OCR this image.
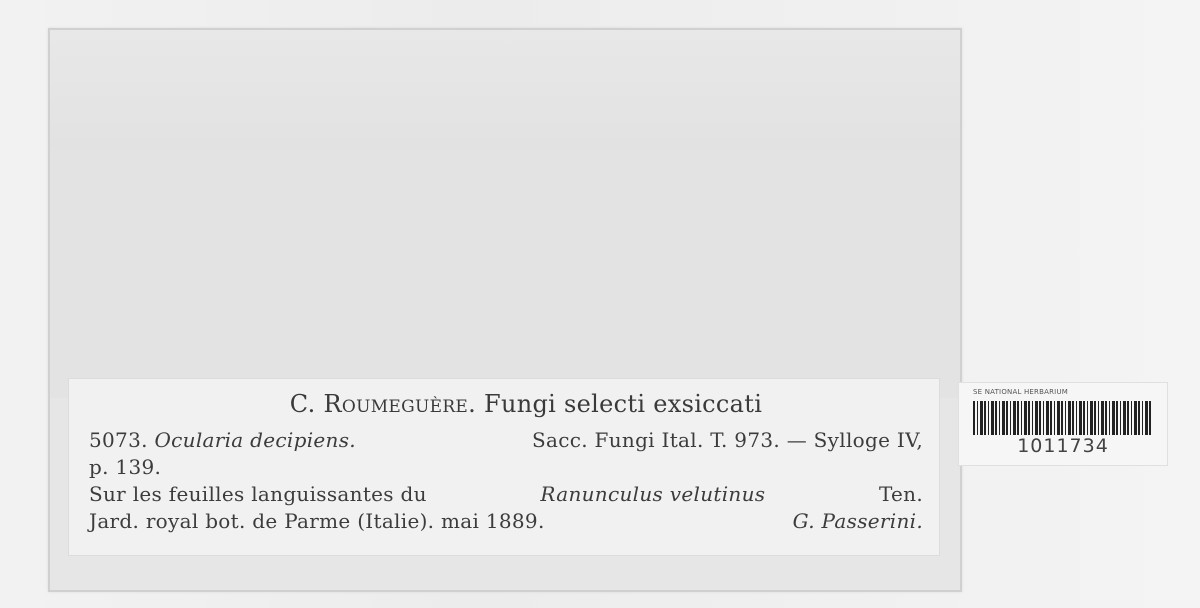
C. Roumeguère. Fungi selecti exsiccati
5073. Ocularia decipiens.	Sacc. Fungi Ital. T. 973. — Sylloge IV,
p. 139.
Sur les feuilles languissantes du	Ranunculus velutinus	Ten.
Jard. royal bot. de Parme (Italie). mai 1889.	G. Passerini.
SE NATIONAL HERBARIUM
1011734
